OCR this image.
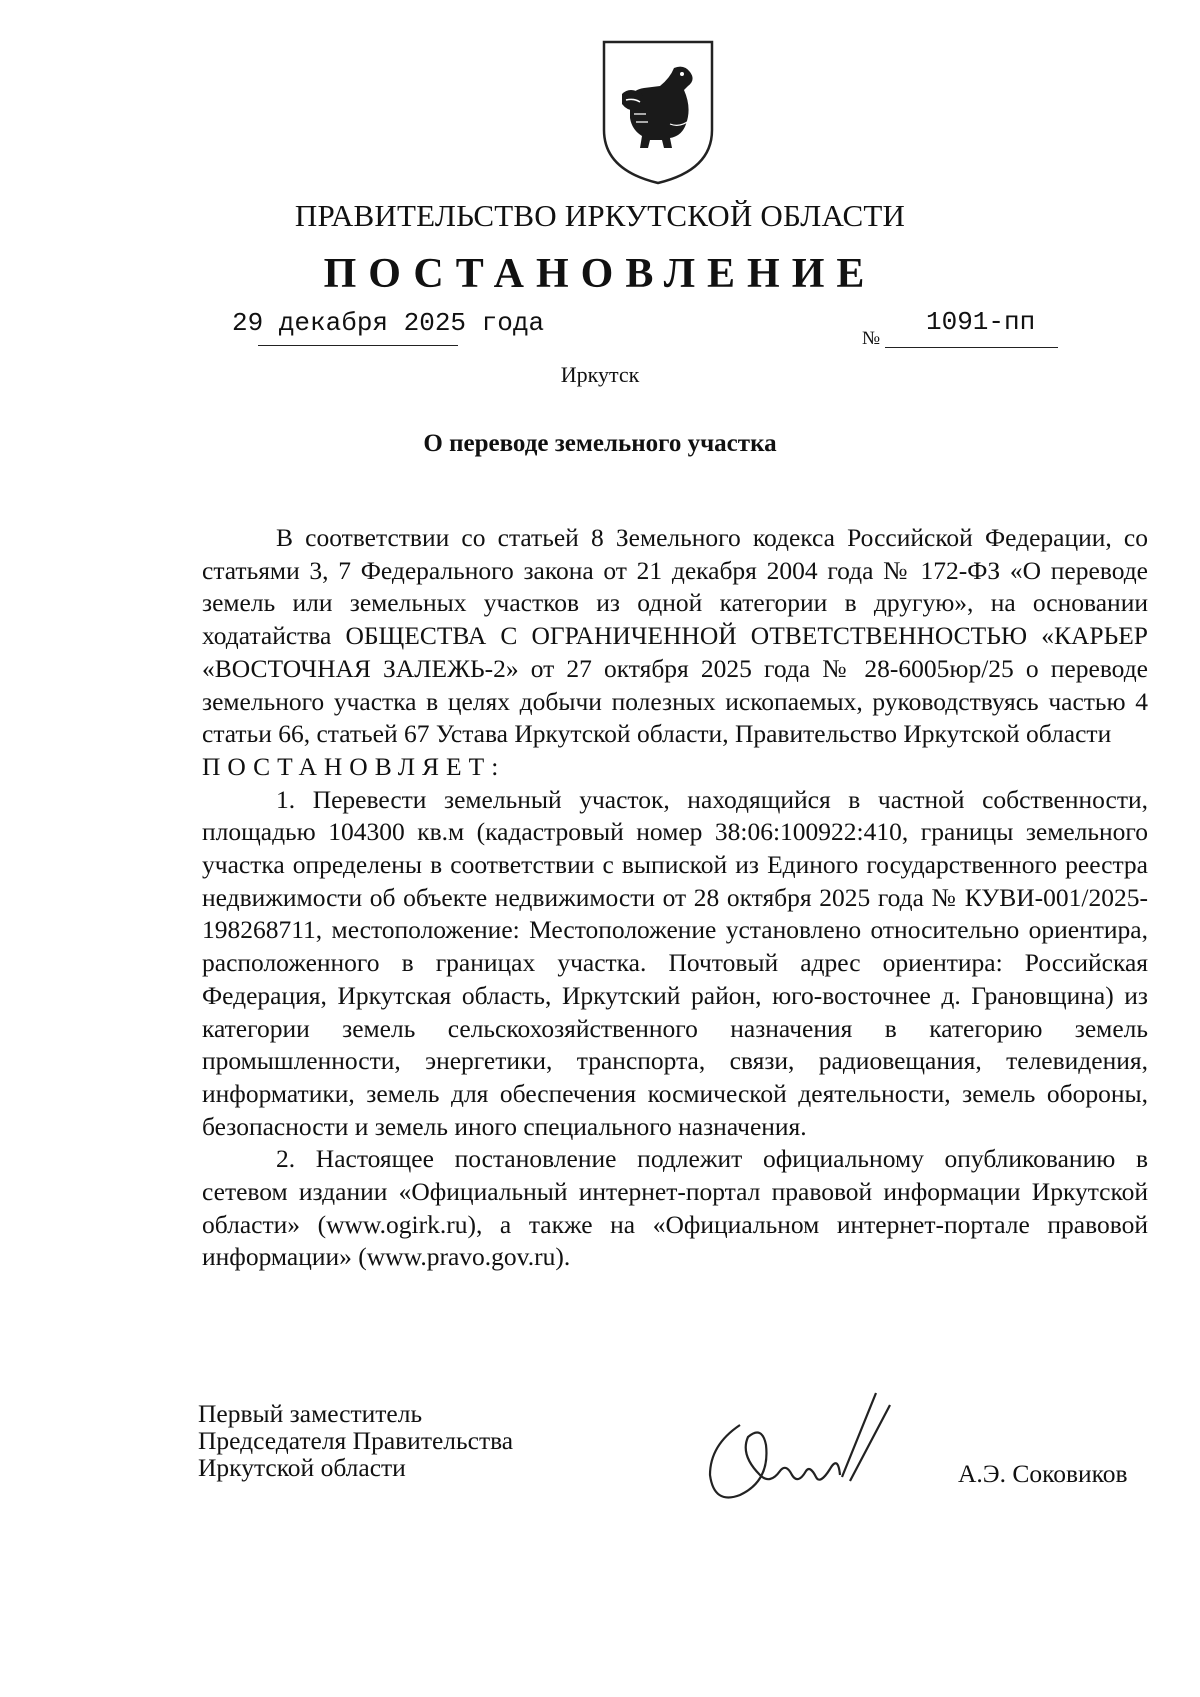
ПРАВИТЕЛЬСТВО ИРКУТСКОЙ ОБЛАСТИ
ПОСТАНОВЛЕНИЕ
29 декабря 2025 года
№
1091-пп
Иркутск
О переводе земельного участка

В соответствии со статьей 8 Земельного кодекса Российской Федерации, со статьями 3, 7 Федерального закона от 21 декабря 2004 года № 172-ФЗ «О переводе земель или земельных участков из одной категории в другую», на основании ходатайства ОБЩЕСТВА С ОГРАНИЧЕННОЙ ОТВЕТСТВЕННОСТЬЮ «КАРЬЕР «ВОСТОЧНАЯ ЗАЛЕЖЬ-2» от 27 октября 2025 года № 28-6005юр/25 о переводе земельного участка в целях добычи полезных ископаемых, руководствуясь частью 4 статьи 66, статьей 67 Устава Иркутской области, Правительство Иркутской области

ПОСТАНОВЛЯЕТ:

1. Перевести земельный участок, находящийся в частной собственности, площадью 104300 кв.м (кадастровый номер 38:06:100922:410, границы земельного участка определены в соответствии с выпиской из Единого государственного реестра недвижимости об объекте недвижимости от 28 октября 2025 года № КУВИ-001/2025-198268711, местоположение: Местоположение установлено относительно ориентира, расположенного в границах участка. Почтовый адрес ориентира: Российская Федерация, Иркутская область, Иркутский район, юго-восточнее д. Грановщина) из категории земель сельскохозяйственного назначения в категорию земель промышленности, энергетики, транспорта, связи, радиовещания, телевидения, информатики, земель для обеспечения космической деятельности, земель обороны, безопасности и земель иного специального назначения.

2. Настоящее постановление подлежит официальному опубликованию в сетевом издании «Официальный интернет-портал правовой информации Иркутской области» (www.ogirk.ru), а также на «Официальном интернет-портале правовой информации» (www.pravo.gov.ru).

Первый заместитель
Председателя Правительства
Иркутской области	А.Э. Соковиков
